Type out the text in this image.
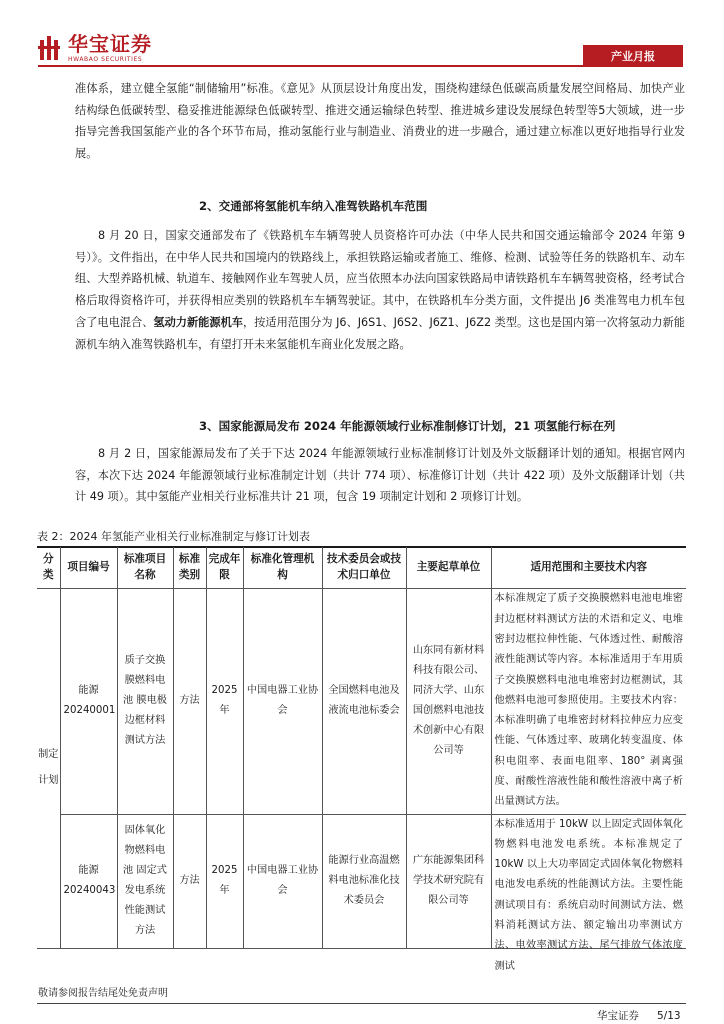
华宝证券
HWABAO SECURITIES	产业月报

准体系，建立健全氢能“制储输用”标准。《意见》从顶层设计角度出发，围绕构建绿色低碳高质量发展空间格局、加快产业结构绿色低碳转型、稳妥推进能源绿色低碳转型、推进交通运输绿色转型、推进城乡建设发展绿色转型等5大领域，进一步指导完善我国氢能产业的各个环节布局，推动氢能行业与制造业、消费业的进一步融合，通过建立标准以更好地指导行业发展。

2、交通部将氢能机车纳入准驾铁路机车范围

8 月 20 日，国家交通部发布了《铁路机车车辆驾驶人员资格许可办法（中华人民共和国交通运输部令 2024 年第 9 号）》。文件指出，在中华人民共和国境内的铁路线上，承担铁路运输或者施工、维修、检测、试验等任务的铁路机车、动车组、大型养路机械、轨道车、接触网作业车驾驶人员，应当依照本办法向国家铁路局申请铁路机车车辆驾驶资格，经考试合格后取得资格许可，并获得相应类别的铁路机车车辆驾驶证。其中，在铁路机车分类方面，文件提出 J6 类准驾电力机车包含了电电混合、氢动力新能源机车，按适用范围分为 J6、J6S1、J6S2、J6Z1、J6Z2 类型。这也是国内第一次将氢动力新能源机车纳入准驾铁路机车，有望打开未来氢能机车商业化发展之路。

3、国家能源局发布 2024 年能源领域行业标准制修订计划，21 项氢能行标在列

8 月 2 日，国家能源局发布了关于下达 2024 年能源领域行业标准制修订计划及外文版翻译计划的通知。根据官网内容，本次下达 2024 年能源领域行业标准制定计划（共计 774 项）、标准修订计划（共计 422 项）及外文版翻译计划（共计 49 项）。其中氢能产业相关行业标准共计 21 项，包含 19 项制定计划和 2 项修订计划。

表 2：2024 年氢能产业相关行业标准制定与修订计划表
分类	项目编号	标准项目名称	标准类别	完成年限	标准化管理机构	技术委员会或技术归口单位	主要起草单位	适用范围和主要技术内容
制定计划	能源20240001	质子交换膜燃料电池 膜电极边框材料测试方法	方法	2025年	中国电器工业协会	全国燃料电池及液流电池标委会	山东同有新材料科技有限公司、同济大学、山东国创燃料电池技术创新中心有限公司等	本标准规定了质子交换膜燃料电池电堆密封边框材料测试方法的术语和定义、电堆密封边框拉伸性能、气体透过性、耐酸溶液性能测试等内容。本标准适用于车用质子交换膜燃料电池电堆密封边框测试，其他燃料电池可参照使用。主要技术内容：本标准明确了电堆密封材料拉伸应力应变性能、气体透过率、玻璃化转变温度、体积电阻率、表面电阻率、180° 剥离强度、耐酸性溶液性能和酸性溶液中离子析出量测试方法。
	能源20240043	固体氧化物燃料电池 固定式发电系统 性能测试方法	方法	2025年	中国电器工业协会	能源行业高温燃料电池标准化技术委员会	广东能源集团科学技术研究院有限公司等	本标准适用于 10kW 以上固定式固体氧化物燃料电池发电系统。本标准规定了 10kW 以上大功率固定式固体氧化物燃料电池发电系统的性能测试方法。主要性能测试项目有：系统启动时间测试方法、燃料消耗测试方法、额定输出功率测试方法、电效率测试方法、尾气排放气体浓度测试
敬请参阅报告结尾处免责声明
华宝证券 5/13
